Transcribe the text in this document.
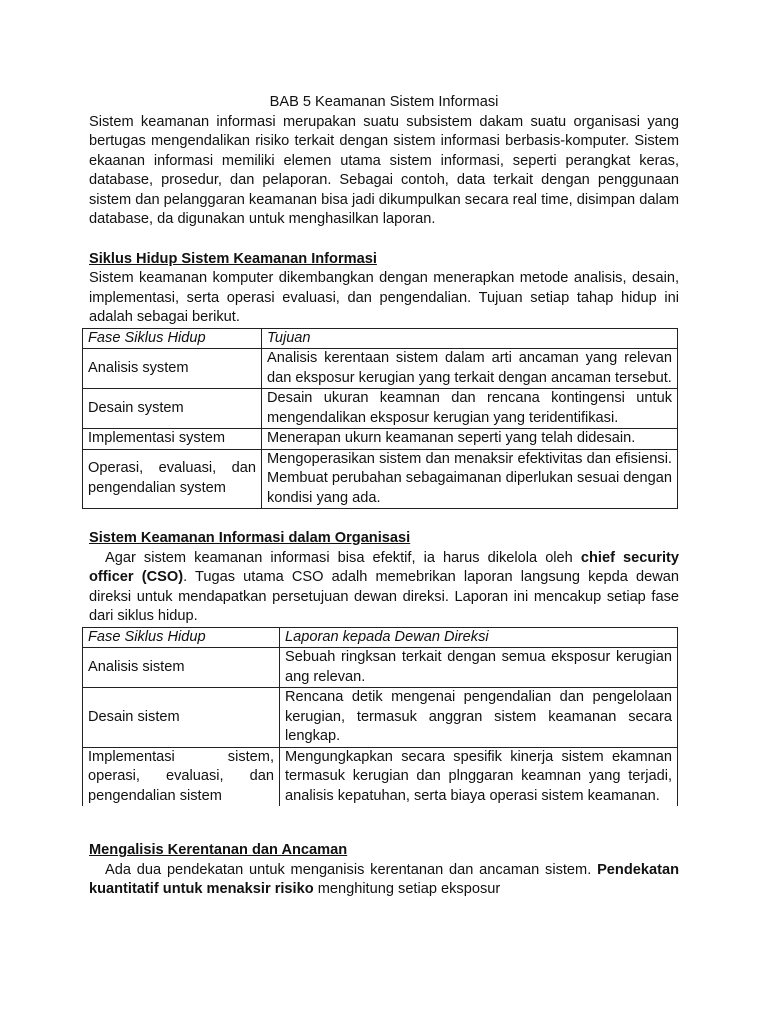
BAB 5 Keamanan Sistem Informasi

Sistem keamanan informasi merupakan suatu subsistem dakam suatu organisasi yang bertugas mengendalikan risiko terkait dengan sistem informasi berbasis-komputer. Sistem ekaanan informasi memiliki elemen utama sistem informasi, seperti perangkat keras, database, prosedur, dan pelaporan. Sebagai contoh, data terkait dengan penggunaan sistem dan pelanggaran keamanan bisa jadi dikumpulkan secara real time, disimpan dalam database, da digunakan untuk menghasilkan laporan.

Siklus Hidup Sistem Keamanan Informasi

Sistem keamanan komputer dikembangkan dengan menerapkan metode analisis, desain, implementasi, serta operasi evaluasi, dan pengendalian. Tujuan setiap tahap hidup ini adalah sebagai berikut.

Fase Siklus Hidup	Tujuan
Analisis system	Analisis kerentaan sistem dalam arti ancaman yang relevan dan eksposur kerugian yang terkait dengan ancaman tersebut.
Desain system	Desain ukuran keamnan dan rencana kontingensi untuk mengendalikan eksposur kerugian yang teridentifikasi.
Implementasi system	Menerapan ukurn keamanan seperti yang telah didesain.
Operasi, evaluasi, dan pengendalian system	Mengoperasikan sistem dan menaksir efektivitas dan efisiensi. Membuat perubahan sebagaimanan diperlukan sesuai dengan kondisi yang ada.

Sistem Keamanan Informasi dalam Organisasi

Agar sistem keamanan informasi bisa efektif, ia harus dikelola oleh chief security officer (CSO). Tugas utama CSO adalh memebrikan laporan langsung kepda dewan direksi untuk mendapatkan persetujuan dewan direksi. Laporan ini mencakup setiap fase dari siklus hidup.

Fase Siklus Hidup	Laporan kepada Dewan Direksi
Analisis sistem	Sebuah ringksan terkait dengan semua eksposur kerugian ang relevan.
Desain sistem	Rencana detik mengenai pengendalian dan pengelolaan kerugian, termasuk anggran sistem keamanan secara lengkap.
Implementasi sistem, operasi, evaluasi, dan pengendalian sistem	Mengungkapkan secara spesifik kinerja sistem ekamnan termasuk kerugian dan plnggaran keamnan yang terjadi, analisis kepatuhan, serta biaya operasi sistem keamanan.

Mengalisis Kerentanan dan Ancaman

Ada dua pendekatan untuk menganisis kerentanan dan ancaman sistem. Pendekatan kuantitatif untuk menaksir risiko menghitung setiap eksposur
